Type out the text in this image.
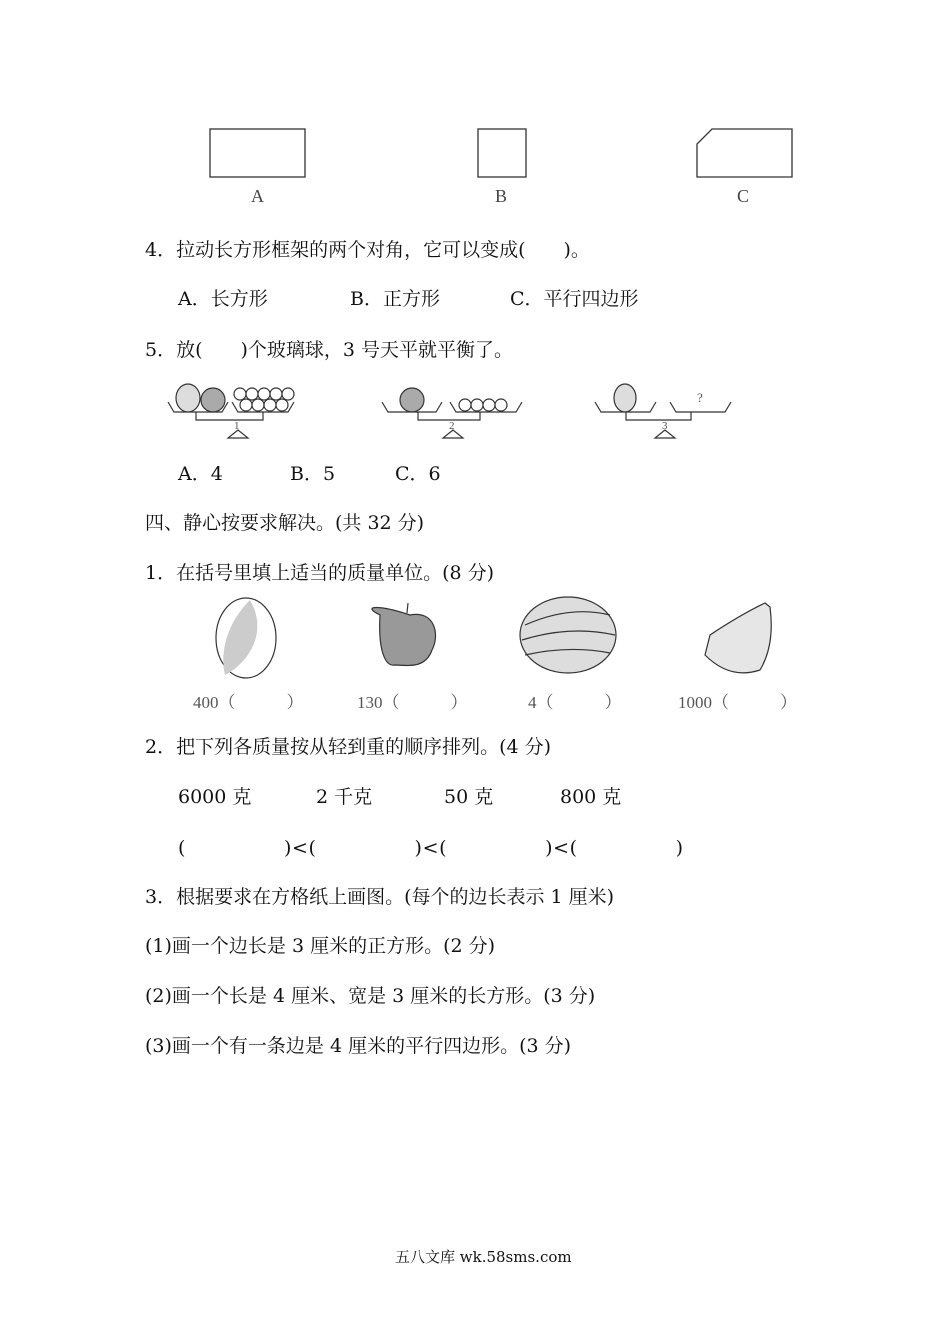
A	B	C
4．拉动长方形框架的两个对角，它可以变成(　　)。
A．长方形	B．正方形	C．平行四边形
5．放(　　)个玻璃球，3 号天平就平衡了。
1	2	3
?
A．4	B．5	C．6
四、静心按要求解决。(共 32 分)
1．在括号里填上适当的质量单位。(8 分)
400（　　　）	130（　　　）	4（　　　）	1000（　　　）
2．把下列各质量按从轻到重的顺序排列。(4 分)
6000 克	2 千克	50 克	800 克
(　　　　　)<(　　　　　)<(　　　　　)<(　　　　　)
3．根据要求在方格纸上画图。(每个的边长表示 1 厘米)
(1)画一个边长是 3 厘米的正方形。(2 分)
(2)画一个长是 4 厘米、宽是 3 厘米的长方形。(3 分)
(3)画一个有一条边是 4 厘米的平行四边形。(3 分)
五八文库 wk.58sms.com
